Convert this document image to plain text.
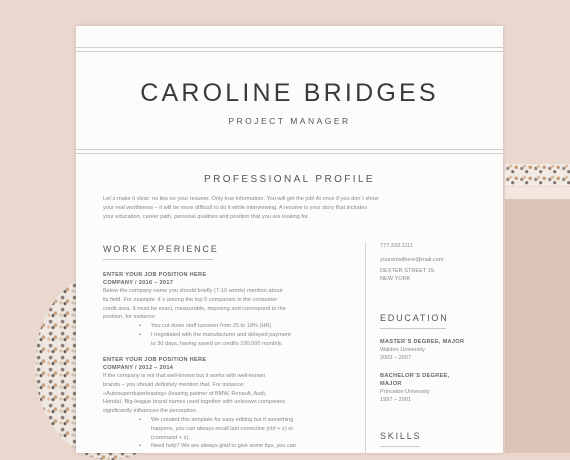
CAROLINE BRIDGES
PROJECT MANAGER
PROFESSIONAL PROFILE
Let`s make it clear: no lies on your resume. Only true information. You will get the job! At once if you don`t show
your real worthiness – it will be more difficult to do it while interviewing. A resume is your story that includes
your education, career path, personal qualities and position that you are looking for.
WORK EXPERIENCE
ENTER YOUR JOB POSITION HERE
COMPANY / 2016 – 2017
Below the company name you should briefly (7-10 words) mention about
its field. For example: it`s among the top 5 companies in the consumer
credit area. It must be exact, measurable, imposing and correspond to the
position, for instance:
• You cut down staff turnover from 25 to 18% (HR).
• I negotiated with the manufacturer and delayed payment
to 30 days, having saved on credits 100,000 monthly.
ENTER YOUR JOB POSITION HERE
COMPANY / 2012 – 2014
If the company is not that well-known but it works with well-known
brands – you should definitely mention that. For instance:
«Autosuperduperleasing» (leasing partner of BMW, Renault, Audi,
Honda). Big-league brand names used together with unknown companies
significantly influences the perception.
• We created this template for easy editing but if something
happens, you can always recall last corrective (ctrl + z) or
(command + z).
• Need help? We are always glad to give some tips, you can
777.333.1111
youremailhere@mail.com
DEXTER STREET 15,
NEW YORK
EDUCATION
MASTER`S DEGREE, MAJOR
Walden University
2003 – 2007
BACHELOR`S DEGREE,
MAJOR
Princeton University
1997 – 2001
SKILLS
